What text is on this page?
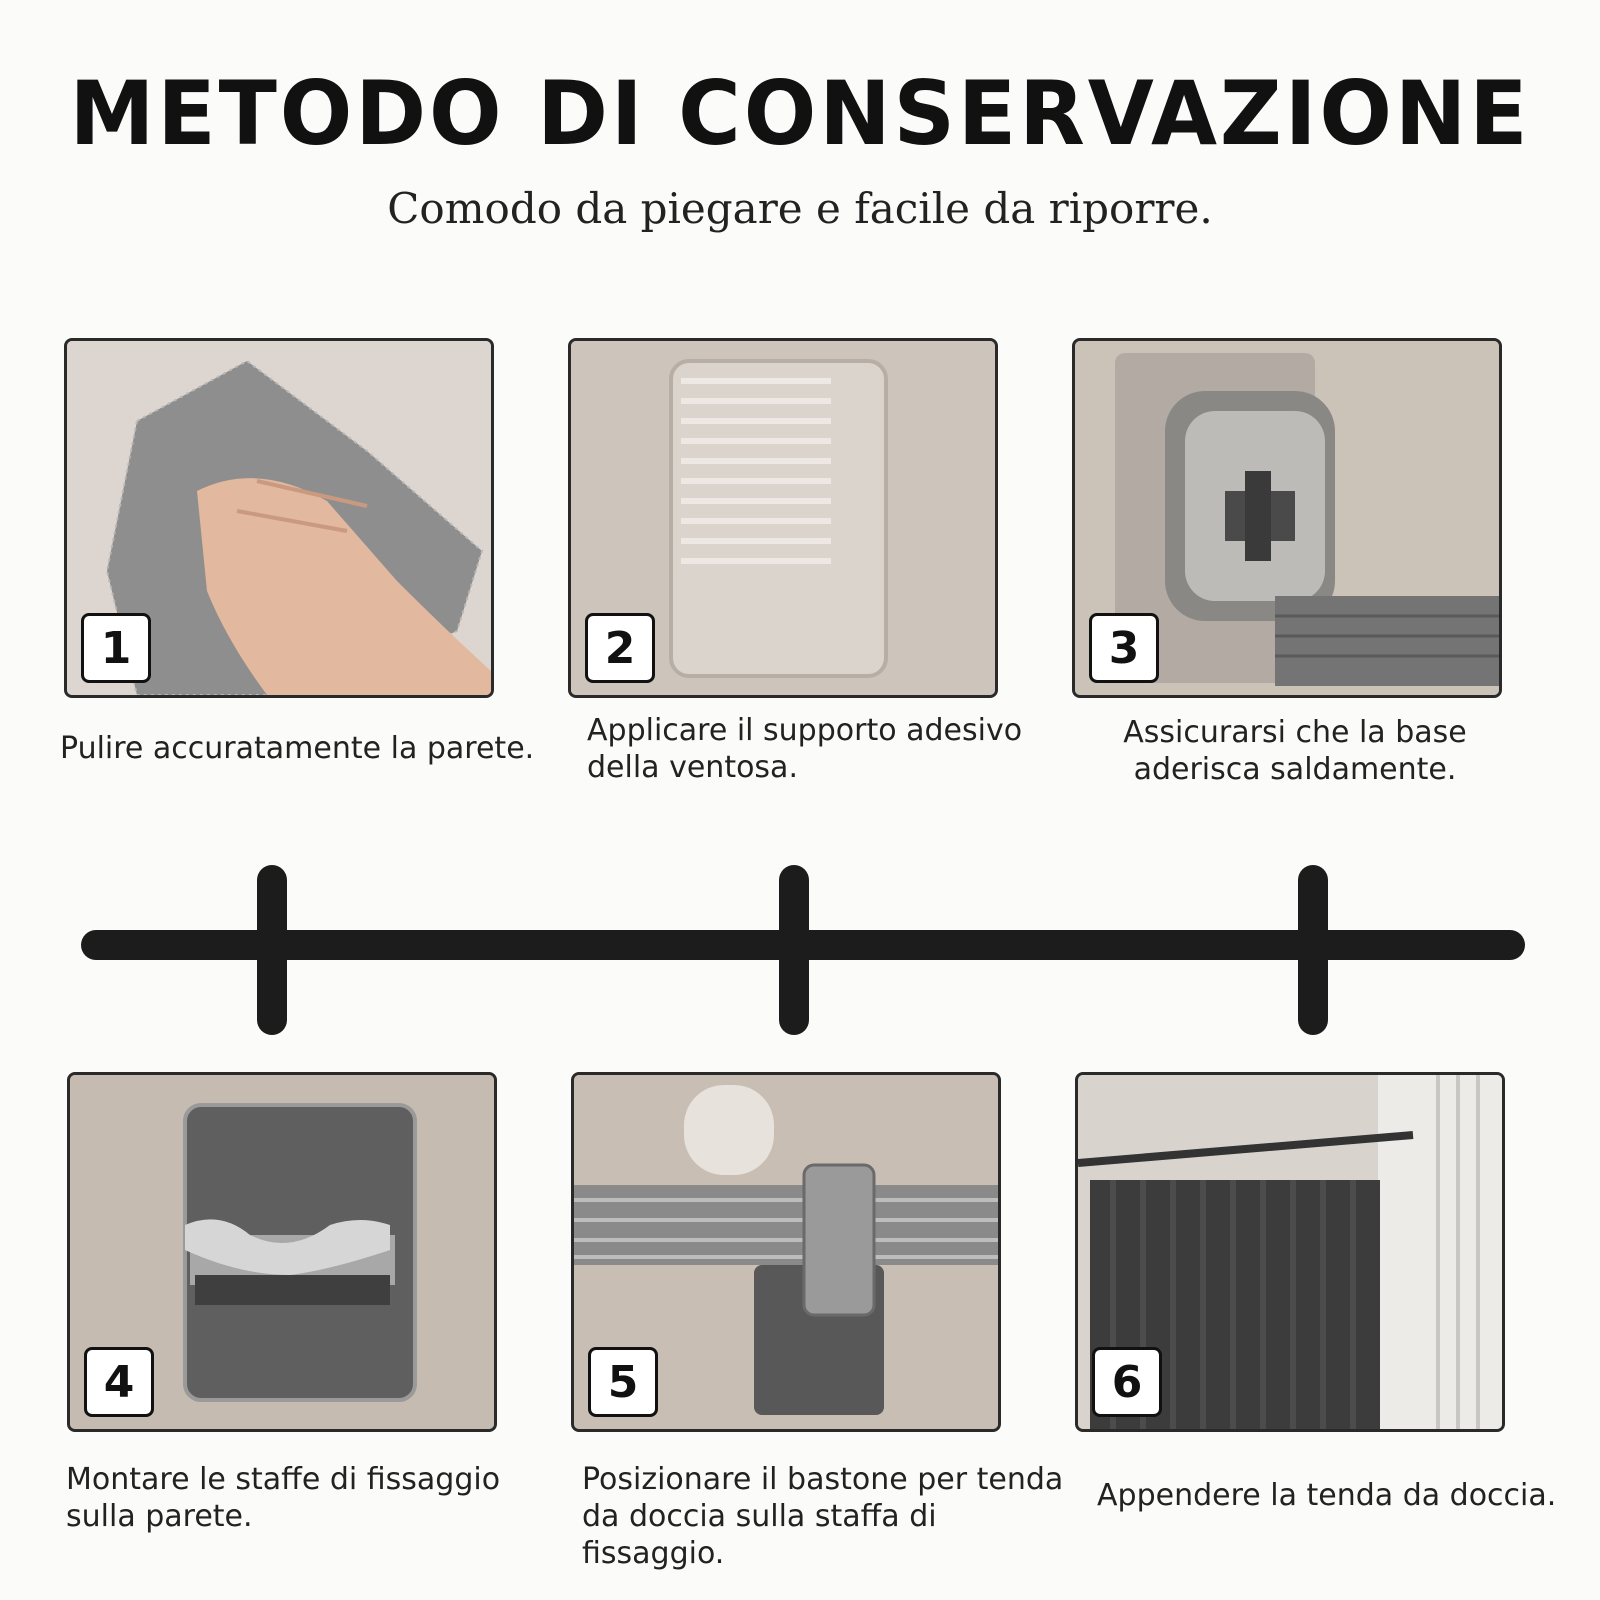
METODO DI CONSERVAZIONE
Comodo da piegare e facile da riporre.
1
Pulire accuratamente la parete.
2
Applicare il supporto adesivo della ventosa.
3
Assicurarsi che la base aderisca saldamente.
4
Montare le staffe di fissaggio sulla parete.
5
Posizionare il bastone per tenda da doccia sulla staffa di fissaggio.
6
Appendere la tenda da doccia.
